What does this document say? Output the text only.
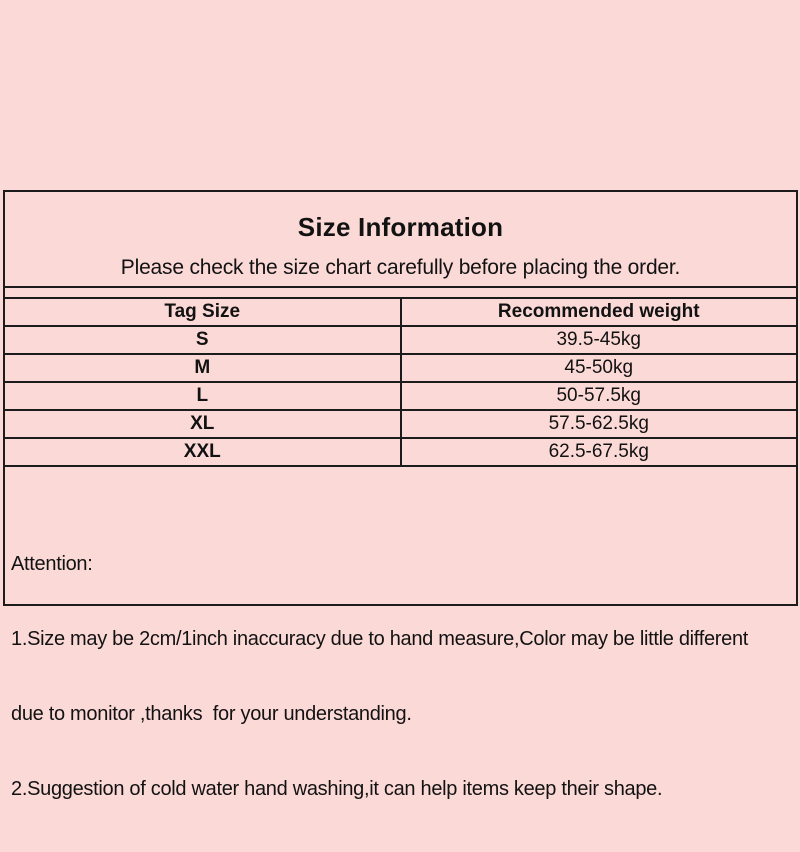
Size Information
Please check the size chart carefully before placing the order.
Tag Size	Recommended weight
S	39.5-45kg
M	45-50kg
L	50-57.5kg
XL	57.5-62.5kg
XXL	62.5-67.5kg

Attention:

1.Size may be 2cm/1inch inaccuracy due to hand measure,Color may be little different

due to monitor ,thanks  for your understanding.

2.Suggestion of cold water hand washing,it can help items keep their shape.
